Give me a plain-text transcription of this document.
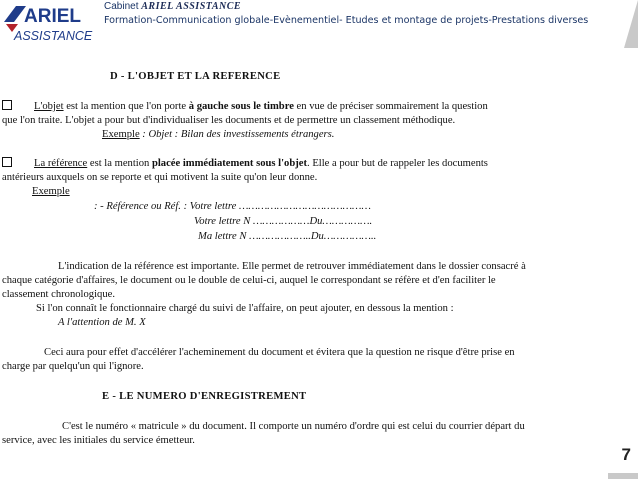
ARIEL
ASSISTANCE
Cabinet ARIEL ASSISTANCE
Formation-Communication globale-Evènementiel- Etudes et montage de projets-Prestations diverses
D - L'OBJET ET LA REFERENCE
L'objet est la mention que l'on porte à gauche sous le timbre en vue de préciser sommairement la question
que l'on traite. L'objet a pour but d'individualiser les documents et de permettre un classement méthodique.
Exemple : Objet : Bilan des investissements étrangers.
La référence est la mention placée immédiatement sous l'objet. Elle a pour but de rappeler les documents
antérieurs auxquels on se reporte et qui motivent la suite qu'on leur donne.
Exemple
: - Référence ou Réf. : Votre lettre ……………………………………
Votre lettre N ………………Du…………….
Ma lettre N ………………..Du……………..
L'indication de la référence est importante. Elle permet de retrouver immédiatement dans le dossier consacré à
chaque catégorie d'affaires, le document ou le double de celui-ci, auquel le correspondant se réfère et d'en faciliter le
classement chronologique.
Si l'on connaît le fonctionnaire chargé du suivi de l'affaire, on peut ajouter, en dessous la mention :
A l'attention de M. X
Ceci aura pour effet d'accélérer l'acheminement du document et évitera que la question ne risque d'être prise en
charge par quelqu'un qui l'ignore.
E - LE NUMERO D'ENREGISTREMENT
C'est le numéro « matricule » du document. Il comporte un numéro d'ordre qui est celui du courrier départ du
service, avec les initiales du service émetteur.
7
